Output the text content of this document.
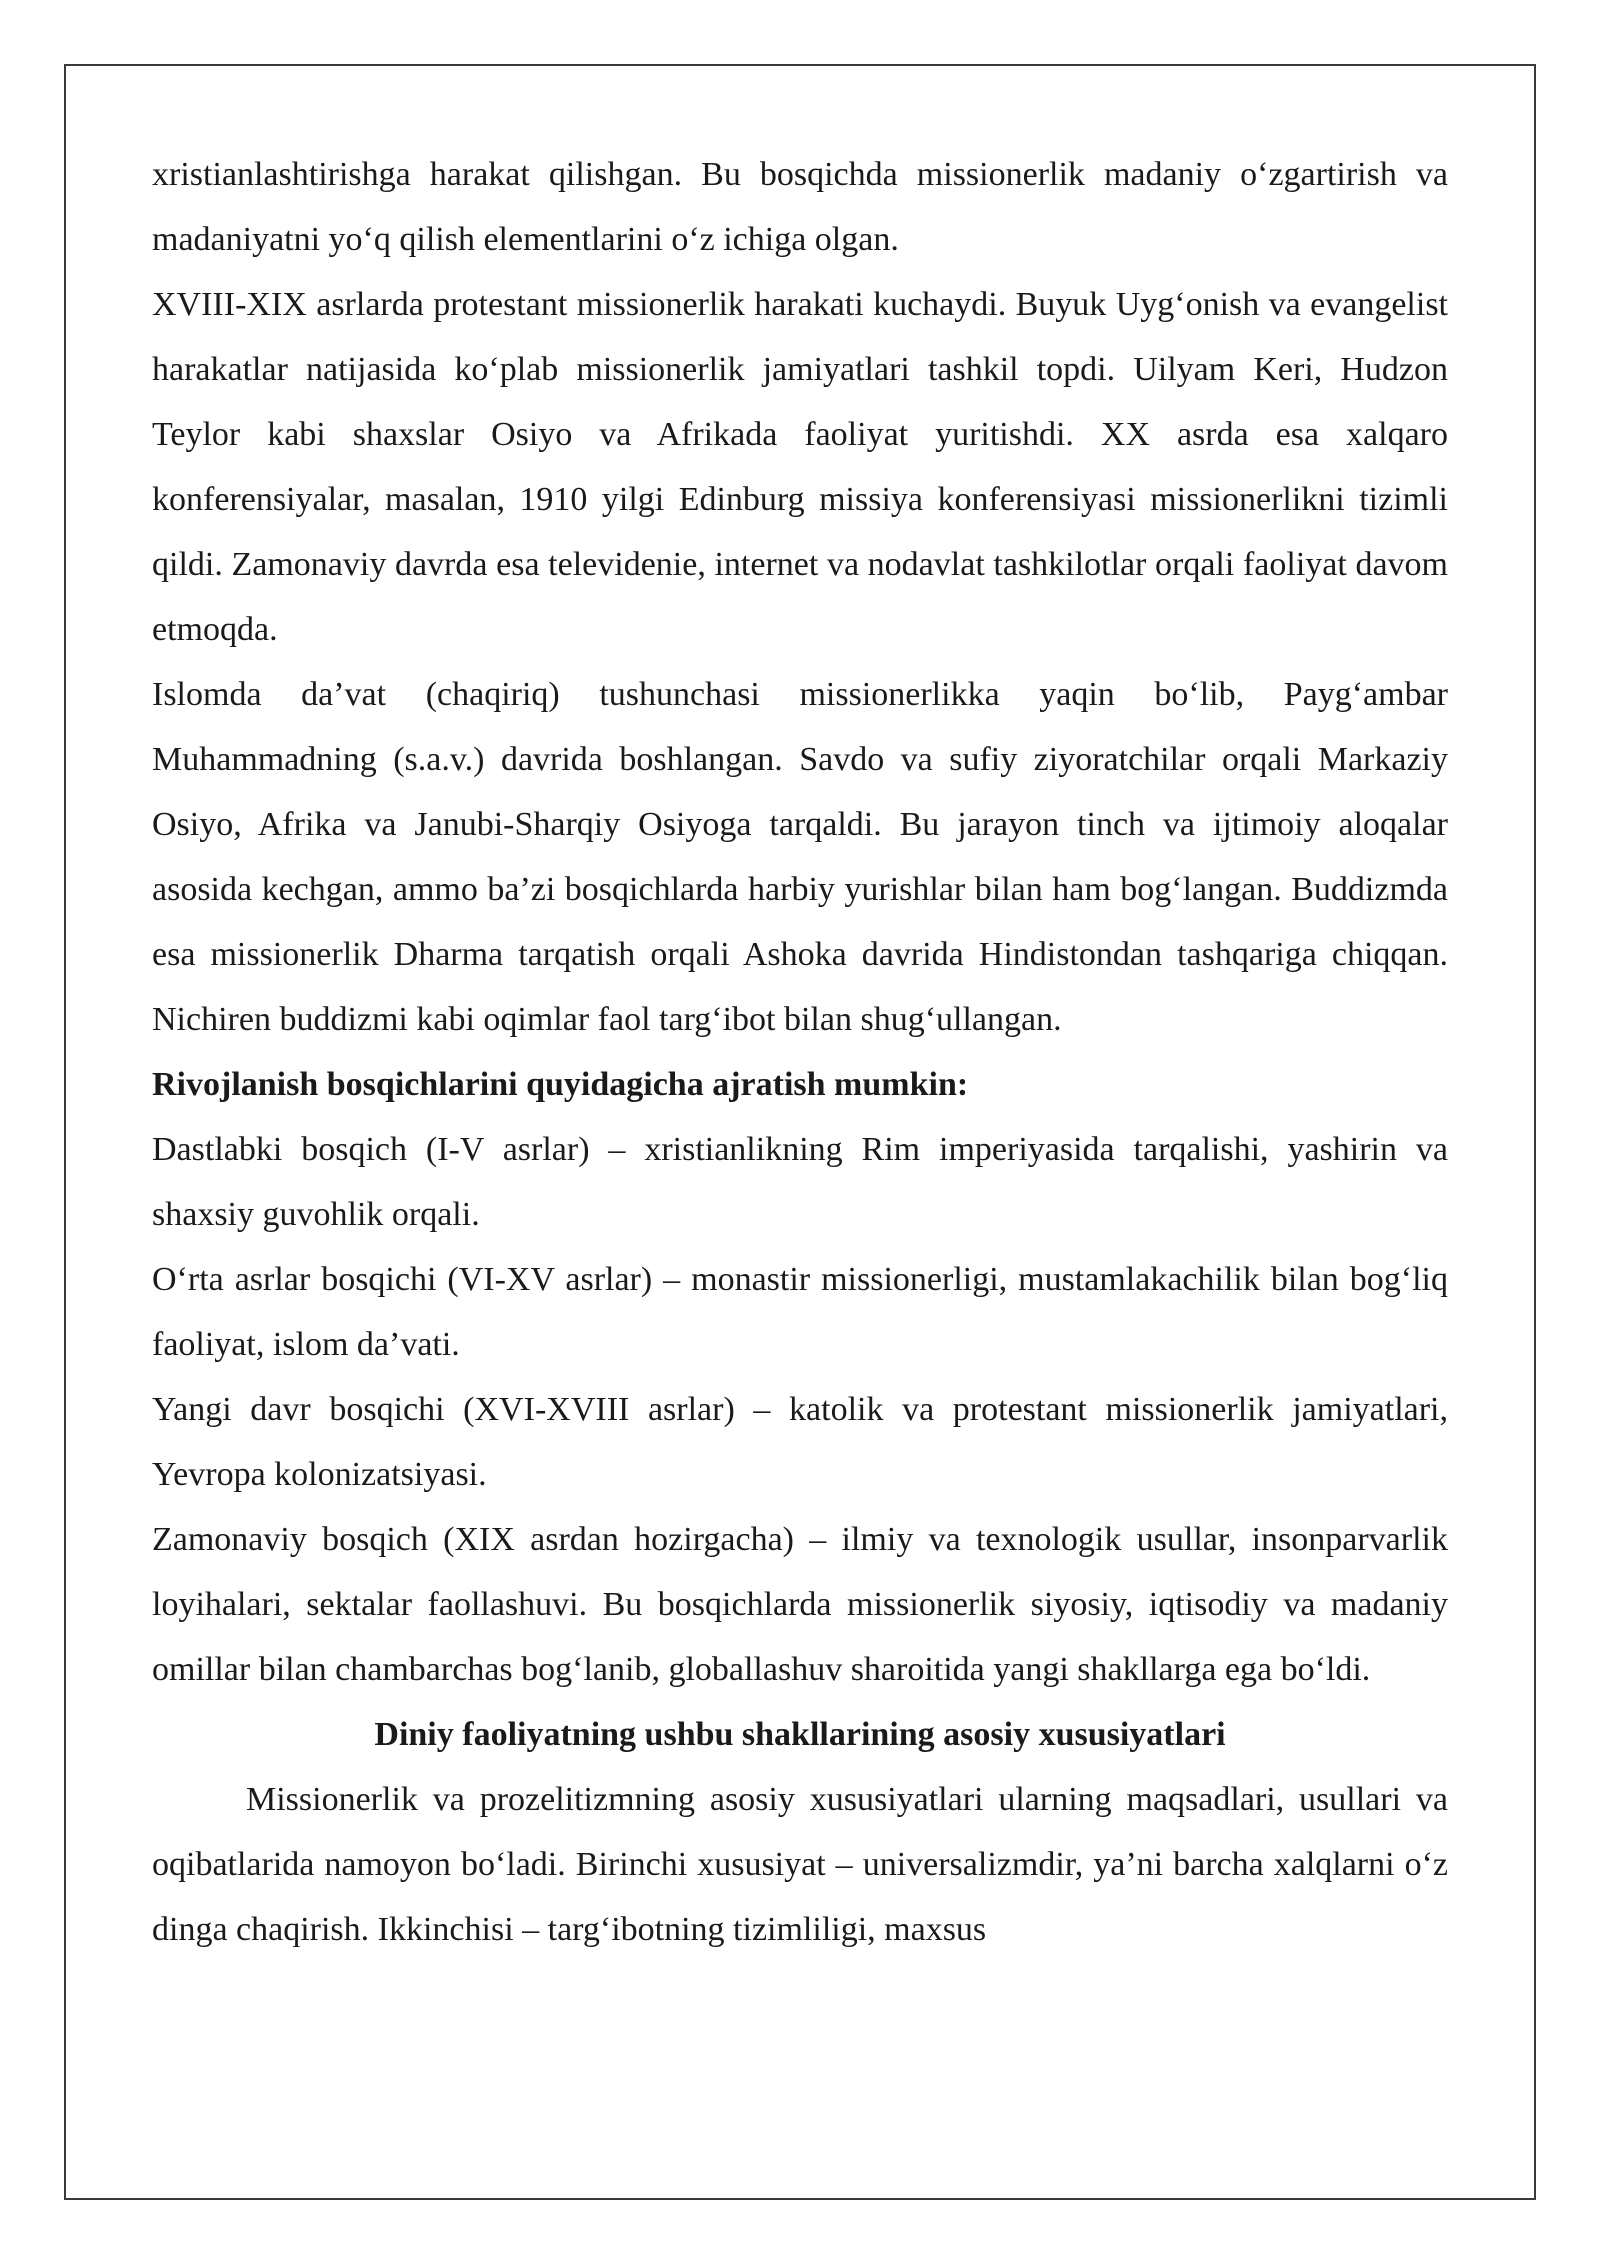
xristianlashtirishga harakat qilishgan. Bu bosqichda missionerlik madaniy o‘zgartirish va madaniyatni yo‘q qilish elementlarini o‘z ichiga olgan.

XVIII-XIX asrlarda protestant missionerlik harakati kuchaydi. Buyuk Uyg‘onish va evangelist harakatlar natijasida ko‘plab missionerlik jamiyatlari tashkil topdi. Uilyam Keri, Hudzon Teylor kabi shaxslar Osiyo va Afrikada faoliyat yuritishdi. XX asrda esa xalqaro konferensiyalar, masalan, 1910 yilgi Edinburg missiya konferensiyasi missionerlikni tizimli qildi. Zamonaviy davrda esa televidenie, internet va nodavlat tashkilotlar orqali faoliyat davom etmoqda.

Islomda da’vat (chaqiriq) tushunchasi missionerlikka yaqin bo‘lib, Payg‘ambar Muhammadning (s.a.v.) davrida boshlangan. Savdo va sufiy ziyoratchilar orqali Markaziy Osiyo, Afrika va Janubi-Sharqiy Osiyoga tarqaldi. Bu jarayon tinch va ijtimoiy aloqalar asosida kechgan, ammo ba’zi bosqichlarda harbiy yurishlar bilan ham bog‘langan. Buddizmda esa missionerlik Dharma tarqatish orqali Ashoka davrida Hindistondan tashqariga chiqqan. Nichiren buddizmi kabi oqimlar faol targ‘ibot bilan shug‘ullangan.

Rivojlanish bosqichlarini quyidagicha ajratish mumkin:

Dastlabki bosqich (I-V asrlar) – xristianlikning Rim imperiyasida tarqalishi, yashirin va shaxsiy guvohlik orqali.

O‘rta asrlar bosqichi (VI-XV asrlar) – monastir missionerligi, mustamlakachilik bilan bog‘liq faoliyat, islom da’vati.

Yangi davr bosqichi (XVI-XVIII asrlar) – katolik va protestant missionerlik jamiyatlari, Yevropa kolonizatsiyasi.

Zamonaviy bosqich (XIX asrdan hozirgacha) – ilmiy va texnologik usullar, insonparvarlik loyihalari, sektalar faollashuvi. Bu bosqichlarda missionerlik siyosiy, iqtisodiy va madaniy omillar bilan chambarchas bog‘lanib, globallashuv sharoitida yangi shakllarga ega bo‘ldi.

Diniy faoliyatning ushbu shakllarining asosiy xususiyatlari

Missionerlik va prozelitizmning asosiy xususiyatlari ularning maqsadlari, usullari va oqibatlarida namoyon bo‘ladi. Birinchi xususiyat – universalizmdir, ya’ni barcha xalqlarni o‘z dinga chaqirish. Ikkinchisi – targ‘ibotning tizimliligi, maxsus
